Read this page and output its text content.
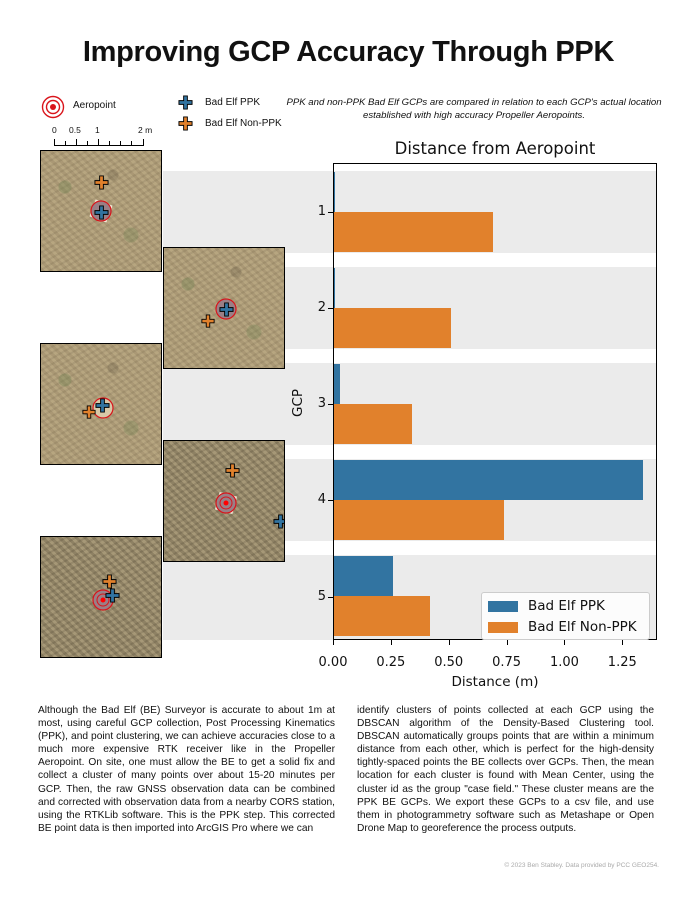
Improving GCP Accuracy Through PPK
Aeropoint	Bad Elf PPK
Bad Elf Non-PPK
0 0.5 1	2 m
PPK and non-PPK Bad Elf GCPs are compared in relation to each GCP's actual location established with high accuracy Propeller Aeropoints.
Distance from Aeropoint
1
2
3
4
5
GCP
0.00	0.25	0.50	0.75	1.00	1.25
Distance (m)
Bad Elf PPK
Bad Elf Non-PPK
Although the Bad Elf (BE) Surveyor is accurate to about 1m at most, using careful GCP collection, Post Processing Kinematics (PPK), and point clustering, we can achieve accuracies close to a much more expensive RTK receiver like in the Propeller Aeropoint. On site, one must allow the BE to get a solid fix and collect a cluster of many points over about 15-20 minutes per GCP. Then, the raw GNSS observation data can be combined and corrected with observation data from a nearby CORS station, using the RTKLib software. This is the PPK step. This corrected BE point data is then imported into ArcGIS Pro where we can
identify clusters of points collected at each GCP using the DBSCAN algorithm of the Density-Based Clustering tool. DBSCAN automatically groups points that are within a minimum distance from each other, which is perfect for the high-density tightly-spaced points the BE collects over GCPs. Then, the mean location for each cluster is found with Mean Center, using the cluster id as the group "case field." These cluster means are the PPK BE GCPs. We export these GCPs to a csv file, and use them in photogrammetry software such as Metashape or Open Drone Map to georeference the process outputs.
© 2023 Ben Stabley. Data provided by PCC GEO254.
